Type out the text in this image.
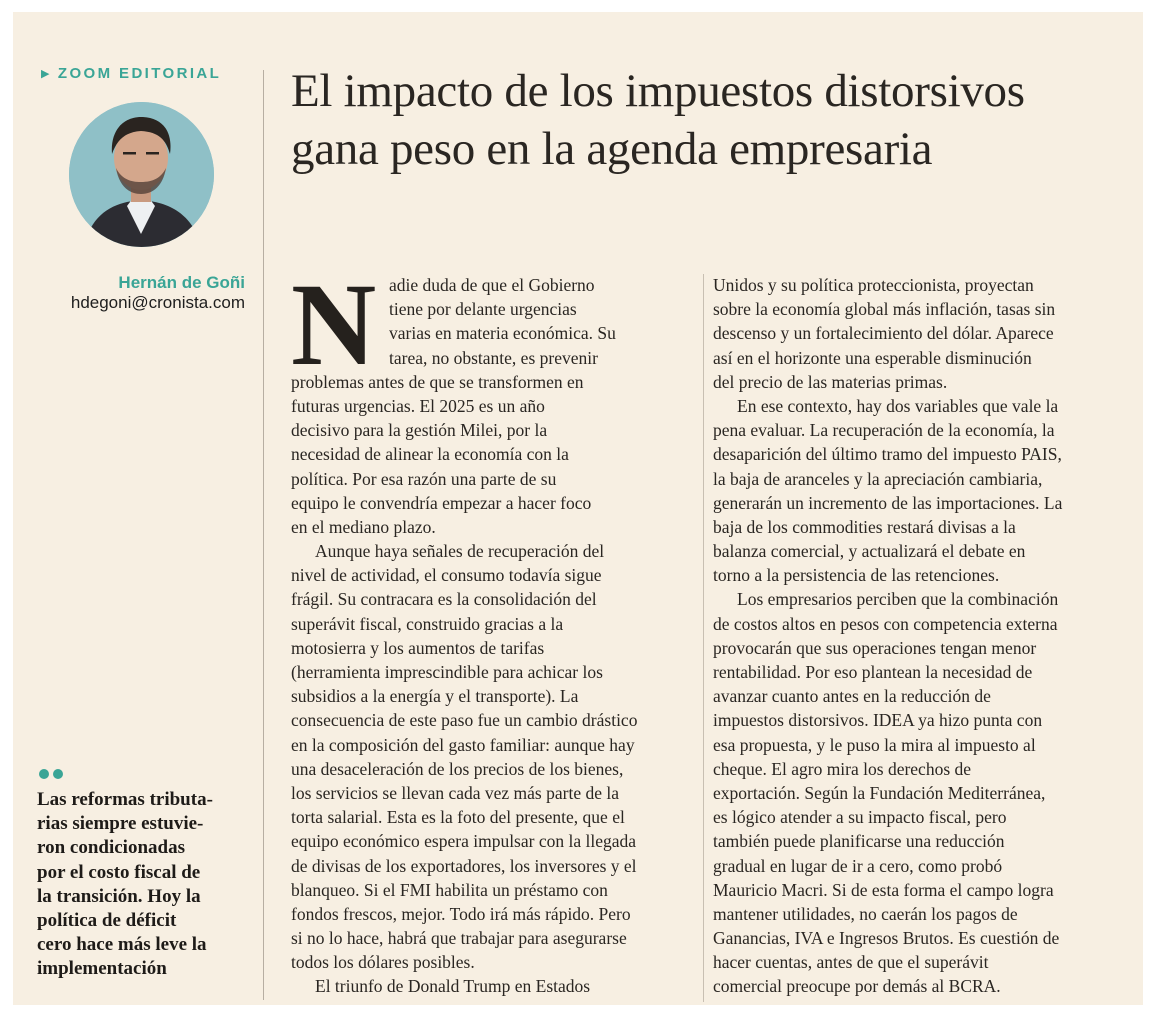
▶ ZOOM EDITORIAL
Hernán de Goñi
hdegoni@cronista.com
Las reformas tributa-
rias siempre estuvie-
ron condicionadas
por el costo fiscal de
la transición. Hoy la
política de déficit
cero hace más leve la
implementación
El impacto de los impuestos distorsivos
gana peso en la agenda empresaria
N adie duda de que el Gobierno
tiene por delante urgencias
varias en materia económica. Su
tarea, no obstante, es prevenir
problemas antes de que se transformen en
futuras urgencias. El 2025 es un año
decisivo para la gestión Milei, por la
necesidad de alinear la economía con la
política. Por esa razón una parte de su
equipo le convendría empezar a hacer foco
en el mediano plazo.
Aunque haya señales de recuperación del
nivel de actividad, el consumo todavía sigue
frágil. Su contracara es la consolidación del
superávit fiscal, construido gracias a la
motosierra y los aumentos de tarifas
(herramienta imprescindible para achicar los
subsidios a la energía y el transporte). La
consecuencia de este paso fue un cambio drástico
en la composición del gasto familiar: aunque hay
una desaceleración de los precios de los bienes,
los servicios se llevan cada vez más parte de la
torta salarial. Esta es la foto del presente, que el
equipo económico espera impulsar con la llegada
de divisas de los exportadores, los inversores y el
blanqueo. Si el FMI habilita un préstamo con
fondos frescos, mejor. Todo irá más rápido. Pero
si no lo hace, habrá que trabajar para asegurarse
todos los dólares posibles.
El triunfo de Donald Trump en Estados
Unidos y su política proteccionista, proyectan
sobre la economía global más inflación, tasas sin
descenso y un fortalecimiento del dólar. Aparece
así en el horizonte una esperable disminución
del precio de las materias primas.
En ese contexto, hay dos variables que vale la
pena evaluar. La recuperación de la economía, la
desaparición del último tramo del impuesto PAIS,
la baja de aranceles y la apreciación cambiaria,
generarán un incremento de las importaciones. La
baja de los commodities restará divisas a la
balanza comercial, y actualizará el debate en
torno a la persistencia de las retenciones.
Los empresarios perciben que la combinación
de costos altos en pesos con competencia externa
provocarán que sus operaciones tengan menor
rentabilidad. Por eso plantean la necesidad de
avanzar cuanto antes en la reducción de
impuestos distorsivos. IDEA ya hizo punta con
esa propuesta, y le puso la mira al impuesto al
cheque. El agro mira los derechos de
exportación. Según la Fundación Mediterránea,
es lógico atender a su impacto fiscal, pero
también puede planificarse una reducción
gradual en lugar de ir a cero, como probó
Mauricio Macri. Si de esta forma el campo logra
mantener utilidades, no caerán los pagos de
Ganancias, IVA e Ingresos Brutos. Es cuestión de
hacer cuentas, antes de que el superávit
comercial preocupe por demás al BCRA.
